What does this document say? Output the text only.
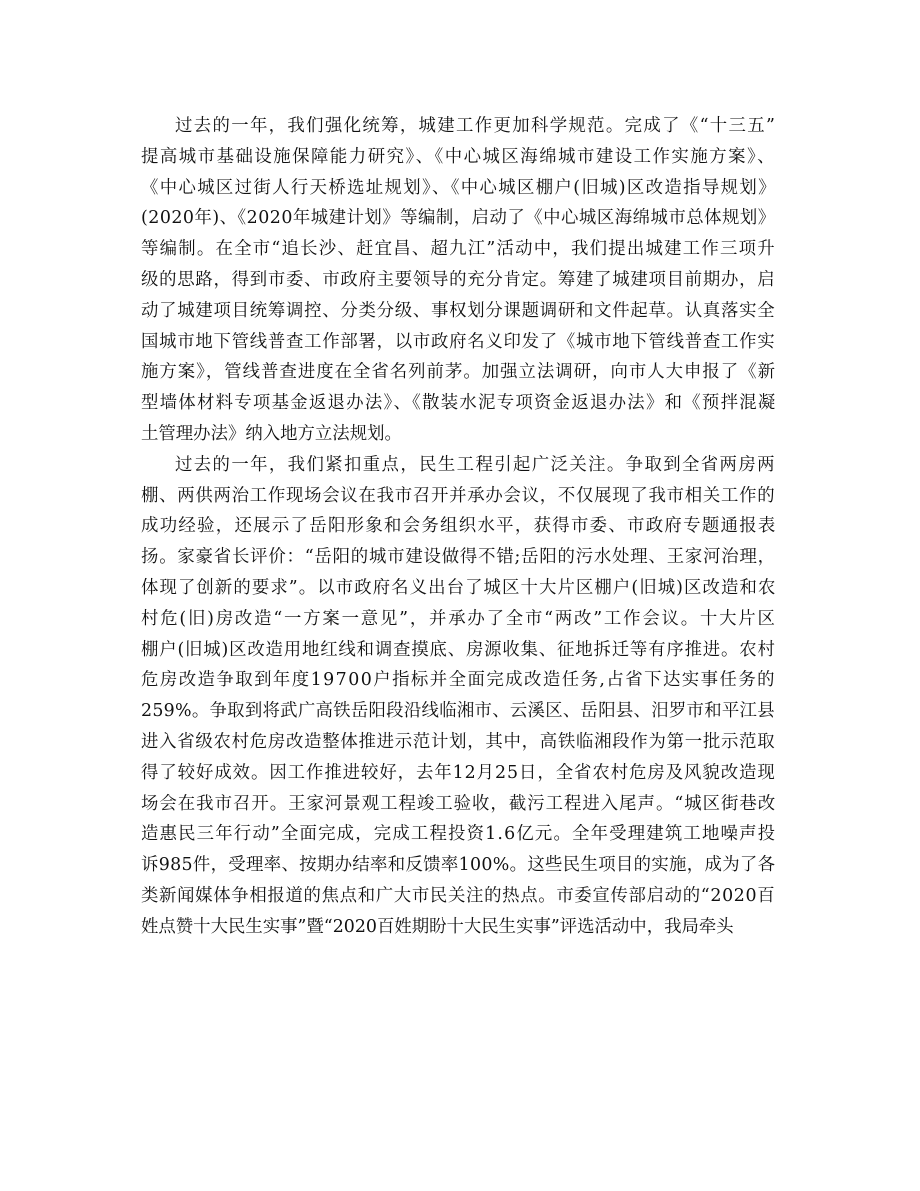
过去的一年，我们强化统筹，城建工作更加科学规范。完成了《“十三五”
提高城市基础设施保障能力研究》、《中心城区海绵城市建设工作实施方案》、
《中心城区过街人行天桥选址规划》、《中心城区棚户(旧城)区改造指导规划》
(2020年)、《2020年城建计划》等编制，启动了《中心城区海绵城市总体规划》
等编制。在全市“追长沙、赶宜昌、超九江”活动中，我们提出城建工作三项升
级的思路，得到市委、市政府主要领导的充分肯定。筹建了城建项目前期办，启
动了城建项目统筹调控、分类分级、事权划分课题调研和文件起草。认真落实全
国城市地下管线普查工作部署，以市政府名义印发了《城市地下管线普查工作实
施方案》，管线普查进度在全省名列前茅。加强立法调研，向市人大申报了《新
型墙体材料专项基金返退办法》、《散装水泥专项资金返退办法》和《预拌混凝
土管理办法》纳入地方立法规划。
过去的一年，我们紧扣重点，民生工程引起广泛关注。争取到全省两房两
棚、两供两治工作现场会议在我市召开并承办会议，不仅展现了我市相关工作的
成功经验，还展示了岳阳形象和会务组织水平，获得市委、市政府专题通报表
扬。家豪省长评价：“岳阳的城市建设做得不错;岳阳的污水处理、王家河治理，
体现了创新的要求”。以市政府名义出台了城区十大片区棚户(旧城)区改造和农
村危(旧)房改造“一方案一意见”，并承办了全市“两改”工作会议。十大片区
棚户(旧城)区改造用地红线和调查摸底、房源收集、征地拆迁等有序推进。农村
危房改造争取到年度19700户指标并全面完成改造任务,占省下达实事任务的
259%。争取到将武广高铁岳阳段沿线临湘市、云溪区、岳阳县、汨罗市和平江县
进入省级农村危房改造整体推进示范计划，其中，高铁临湘段作为第一批示范取
得了较好成效。因工作推进较好，去年12月25日，全省农村危房及风貌改造现
场会在我市召开。王家河景观工程竣工验收，截污工程进入尾声。“城区街巷改
造惠民三年行动”全面完成，完成工程投资1.6亿元。全年受理建筑工地噪声投
诉985件，受理率、按期办结率和反馈率100%。这些民生项目的实施，成为了各
类新闻媒体争相报道的焦点和广大市民关注的热点。市委宣传部启动的“2020百
姓点赞十大民生实事”暨“2020百姓期盼十大民生实事”评选活动中，我局牵头
